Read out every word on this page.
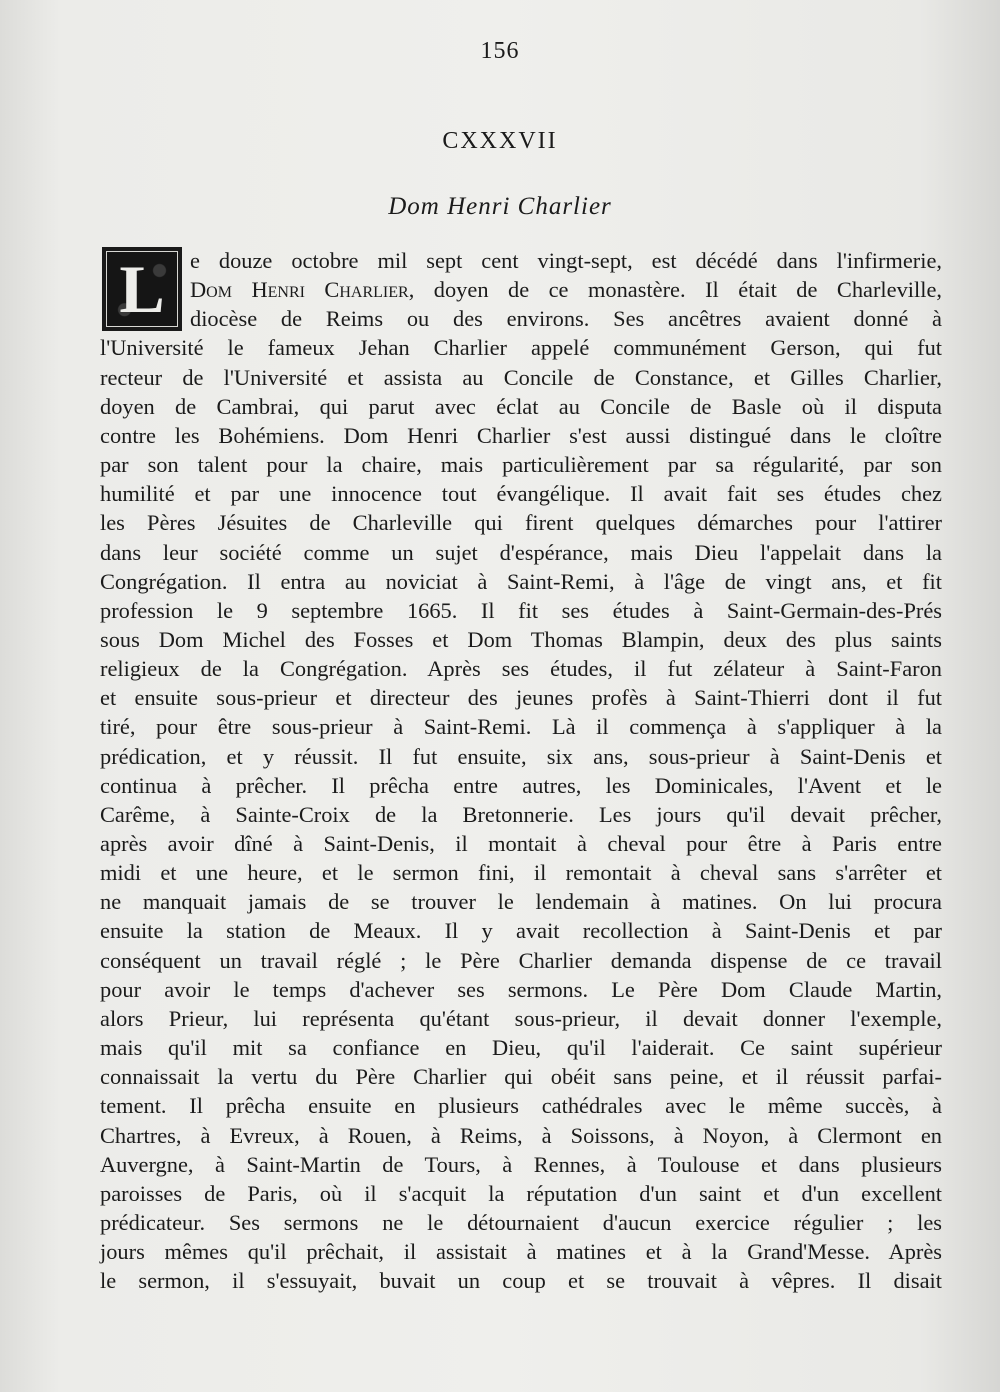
156
CXXXVII
Dom Henri Charlier
L e douze octobre mil sept cent vingt-sept, est décédé dans l'infirmerie,
Dom Henri Charlier, doyen de ce monastère. Il était de Charleville,
diocèse de Reims ou des environs. Ses ancêtres avaient donné à
l'Université le fameux Jehan Charlier appelé communément Gerson, qui fut
recteur de l'Université et assista au Concile de Constance, et Gilles Charlier,
doyen de Cambrai, qui parut avec éclat au Concile de Basle où il disputa
contre les Bohémiens. Dom Henri Charlier s'est aussi distingué dans le cloître
par son talent pour la chaire, mais particulièrement par sa régularité, par son
humilité et par une innocence tout évangélique. Il avait fait ses études chez
les Pères Jésuites de Charleville qui firent quelques démarches pour l'attirer
dans leur société comme un sujet d'espérance, mais Dieu l'appelait dans la
Congrégation. Il entra au noviciat à Saint-Remi, à l'âge de vingt ans, et fit
profession le 9 septembre 1665. Il fit ses études à Saint-Germain-des-Prés
sous Dom Michel des Fosses et Dom Thomas Blampin, deux des plus saints
religieux de la Congrégation. Après ses études, il fut zélateur à Saint-Faron
et ensuite sous-prieur et directeur des jeunes profès à Saint-Thierri dont il fut
tiré, pour être sous-prieur à Saint-Remi. Là il commença à s'appliquer à la
prédication, et y réussit. Il fut ensuite, six ans, sous-prieur à Saint-Denis et
continua à prêcher. Il prêcha entre autres, les Dominicales, l'Avent et le
Carême, à Sainte-Croix de la Bretonnerie. Les jours qu'il devait prêcher,
après avoir dîné à Saint-Denis, il montait à cheval pour être à Paris entre
midi et une heure, et le sermon fini, il remontait à cheval sans s'arrêter et
ne manquait jamais de se trouver le lendemain à matines. On lui procura
ensuite la station de Meaux. Il y avait recollection à Saint-Denis et par
conséquent un travail réglé ; le Père Charlier demanda dispense de ce travail
pour avoir le temps d'achever ses sermons. Le Père Dom Claude Martin,
alors Prieur, lui représenta qu'étant sous-prieur, il devait donner l'exemple,
mais qu'il mit sa confiance en Dieu, qu'il l'aiderait. Ce saint supérieur
connaissait la vertu du Père Charlier qui obéit sans peine, et il réussit parfai-
tement. Il prêcha ensuite en plusieurs cathédrales avec le même succès, à
Chartres, à Evreux, à Rouen, à Reims, à Soissons, à Noyon, à Clermont en
Auvergne, à Saint-Martin de Tours, à Rennes, à Toulouse et dans plusieurs
paroisses de Paris, où il s'acquit la réputation d'un saint et d'un excellent
prédicateur. Ses sermons ne le détournaient d'aucun exercice régulier ; les
jours mêmes qu'il prêchait, il assistait à matines et à la Grand'Messe. Après
le sermon, il s'essuyait, buvait un coup et se trouvait à vêpres. Il disait
